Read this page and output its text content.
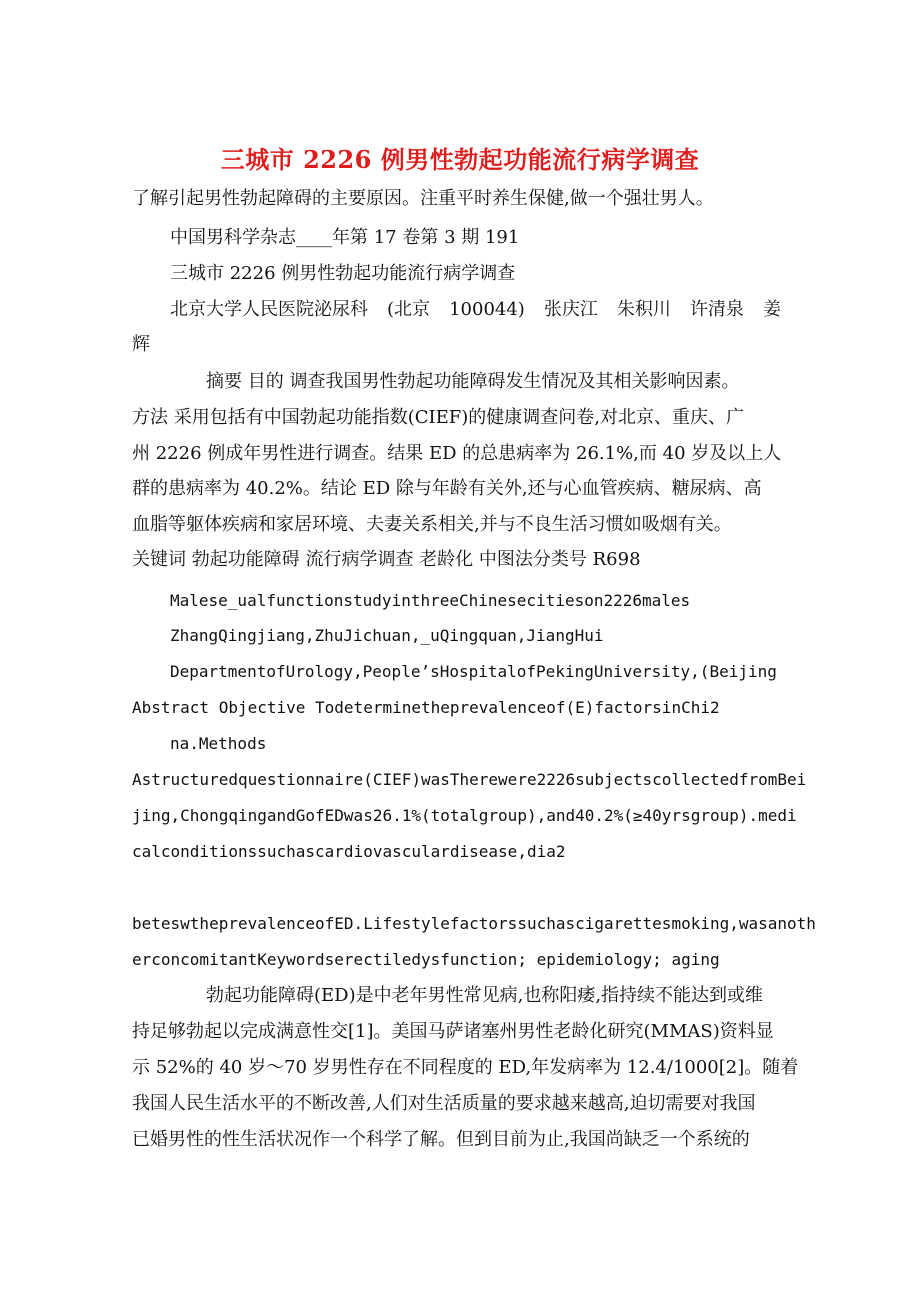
三城市 2226 例男性勃起功能流行病学调查
了解引起男性勃起障碍的主要原因。注重平时养生保健,做一个强壮男人。
中国男科学杂志____年第 17 卷第 3 期 191
三城市 2226 例男性勃起功能流行病学调查
北京大学人民医院泌尿科 (北京 100044) 张庆江 朱积川 许清泉 姜
辉
摘要 目的 调查我国男性勃起功能障碍发生情况及其相关影响因素。
方法 采用包括有中国勃起功能指数(CIEF)的健康调查问卷,对北京、重庆、广
州 2226 例成年男性进行调查。结果 ED 的总患病率为 26.1%,而 40 岁及以上人
群的患病率为 40.2%。结论 ED 除与年龄有关外,还与心血管疾病、糖尿病、高
血脂等躯体疾病和家居环境、夫妻关系相关,并与不良生活习惯如吸烟有关。
关键词 勃起功能障碍 流行病学调查 老龄化 中图法分类号 R698
Malese_ualfunctionstudyinthreeChinesecitieson2226males
ZhangQingjiang,ZhuJichuan,_uQingquan,JiangHui
DepartmentofUrology,People’sHospitalofPekingUniversity,(Beijing
Abstract Objective Todeterminetheprevalenceof(E)factorsinChi2
na.Methods
Astructuredquestionnaire(CIEF)wasTherewere2226subjectscollectedfromBei
jing,ChongqingandGofEDwas26.1%(totalgroup),and40.2%(≥40yrsgroup).medi
calconditionssuchascardiovasculardisease,dia2
beteswtheprevalenceofED.Lifestylefactorssuchascigarettesmoking,wasanoth
erconcomitantKeywordserectiledysfunction; epidemiology; aging
勃起功能障碍(ED)是中老年男性常见病,也称阳痿,指持续不能达到或维
持足够勃起以完成满意性交[1]。美国马萨诸塞州男性老龄化研究(MMAS)资料显
示 52%的 40 岁～70 岁男性存在不同程度的 ED,年发病率为 12.4/1000[2]。随着
我国人民生活水平的不断改善,人们对生活质量的要求越来越高,迫切需要对我国
已婚男性的性生活状况作一个科学了解。但到目前为止,我国尚缺乏一个系统的
